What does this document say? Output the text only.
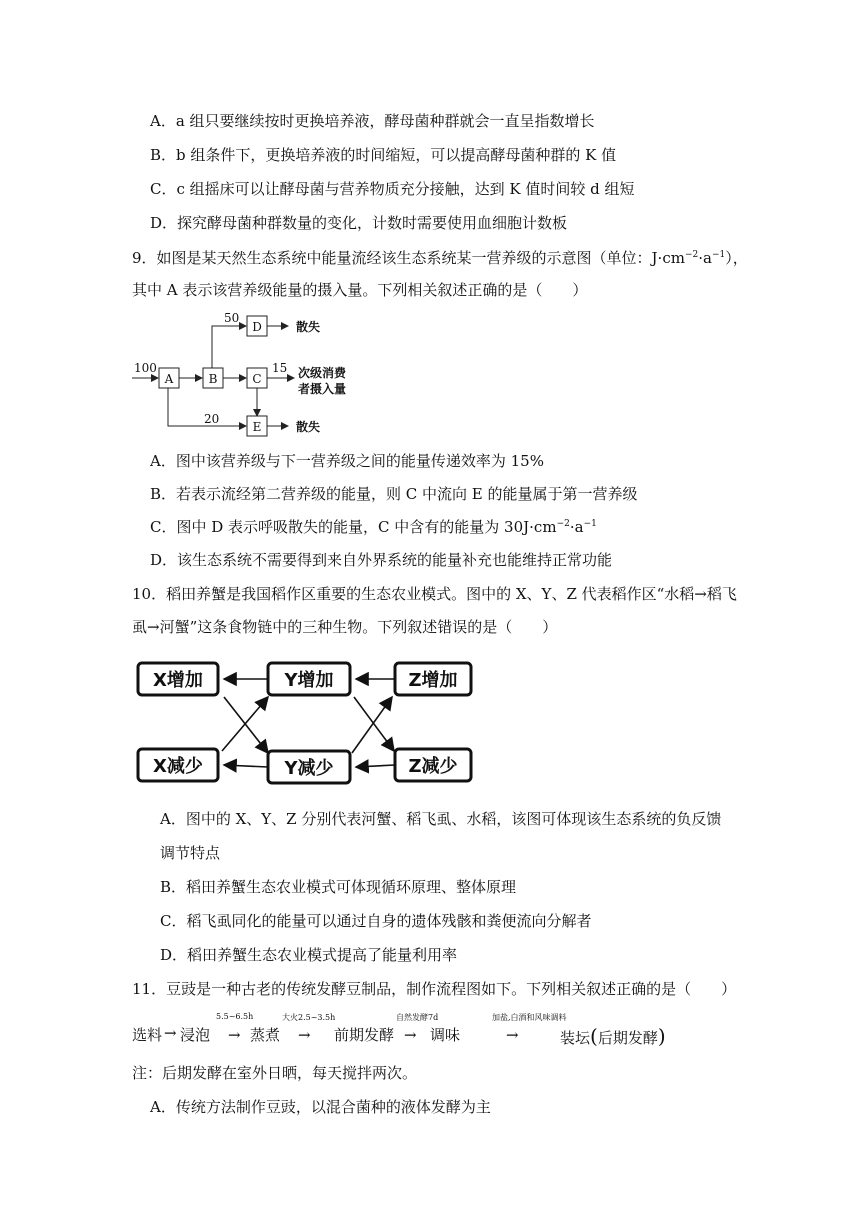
A．a 组只要继续按时更换培养液，酵母菌种群就会一直呈指数增长
B．b 组条件下，更换培养液的时间缩短，可以提高酵母菌种群的 K 值
C．c 组摇床可以让酵母菌与营养物质充分接触，达到 K 值时间较 d 组短
D．探究酵母菌种群数量的变化，计数时需要使用血细胞计数板
9．如图是某天然生态系统中能量流经该生态系统某一营养级的示意图（单位：$J\cdot cm^{-2}\cdot a^{-1}$），
其中 A 表示该营养级能量的摄入量。下列相关叙述正确的是（　　）
A	B	C
D
E
100
50
15
20
散失
次级消费
者摄入量
散失
A．图中该营养级与下一营养级之间的能量传递效率为 15%
B．若表示流经第二营养级的能量，则 C 中流向 E 的能量属于第一营养级
C．图中 D 表示呼吸散失的能量，C 中含有的能量为 $30J\cdot cm^{-2}\cdot a^{-1}$
D．该生态系统不需要得到来自外界系统的能量补充也能维持正常功能
10．稻田养蟹是我国稻作区重要的生态农业模式。图中的 X、Y、Z 代表稻作区“水稻→稻飞
虱→河蟹”这条食物链中的三种生物。下列叙述错误的是（　　）
X增加	Y增加	Z增加
X减少	Y减少	Z减少
A．图中的 X、Y、Z 分别代表河蟹、稻飞虱、水稻，该图可体现该生态系统的负反馈
调节特点
B．稻田养蟹生态农业模式可体现循环原理、整体原理
C．稻飞虱同化的能量可以通过自身的遗体残骸和粪便流向分解者
D．稻田养蟹生态农业模式提高了能量利用率
11．豆豉是一种古老的传统发酵豆制品，制作流程图如下。下列相关叙述正确的是（　　）
选料 → 浸泡
5.5~6.5h
→ 蒸煮
大火2.5~3.5h
→ 前期发酵
自然发酵7d
→ 调味
加盐,白酒和风味调料
→	装坛(后期发酵)
注：后期发酵在室外日晒，每天搅拌两次。
A．传统方法制作豆豉，以混合菌种的液体发酵为主
